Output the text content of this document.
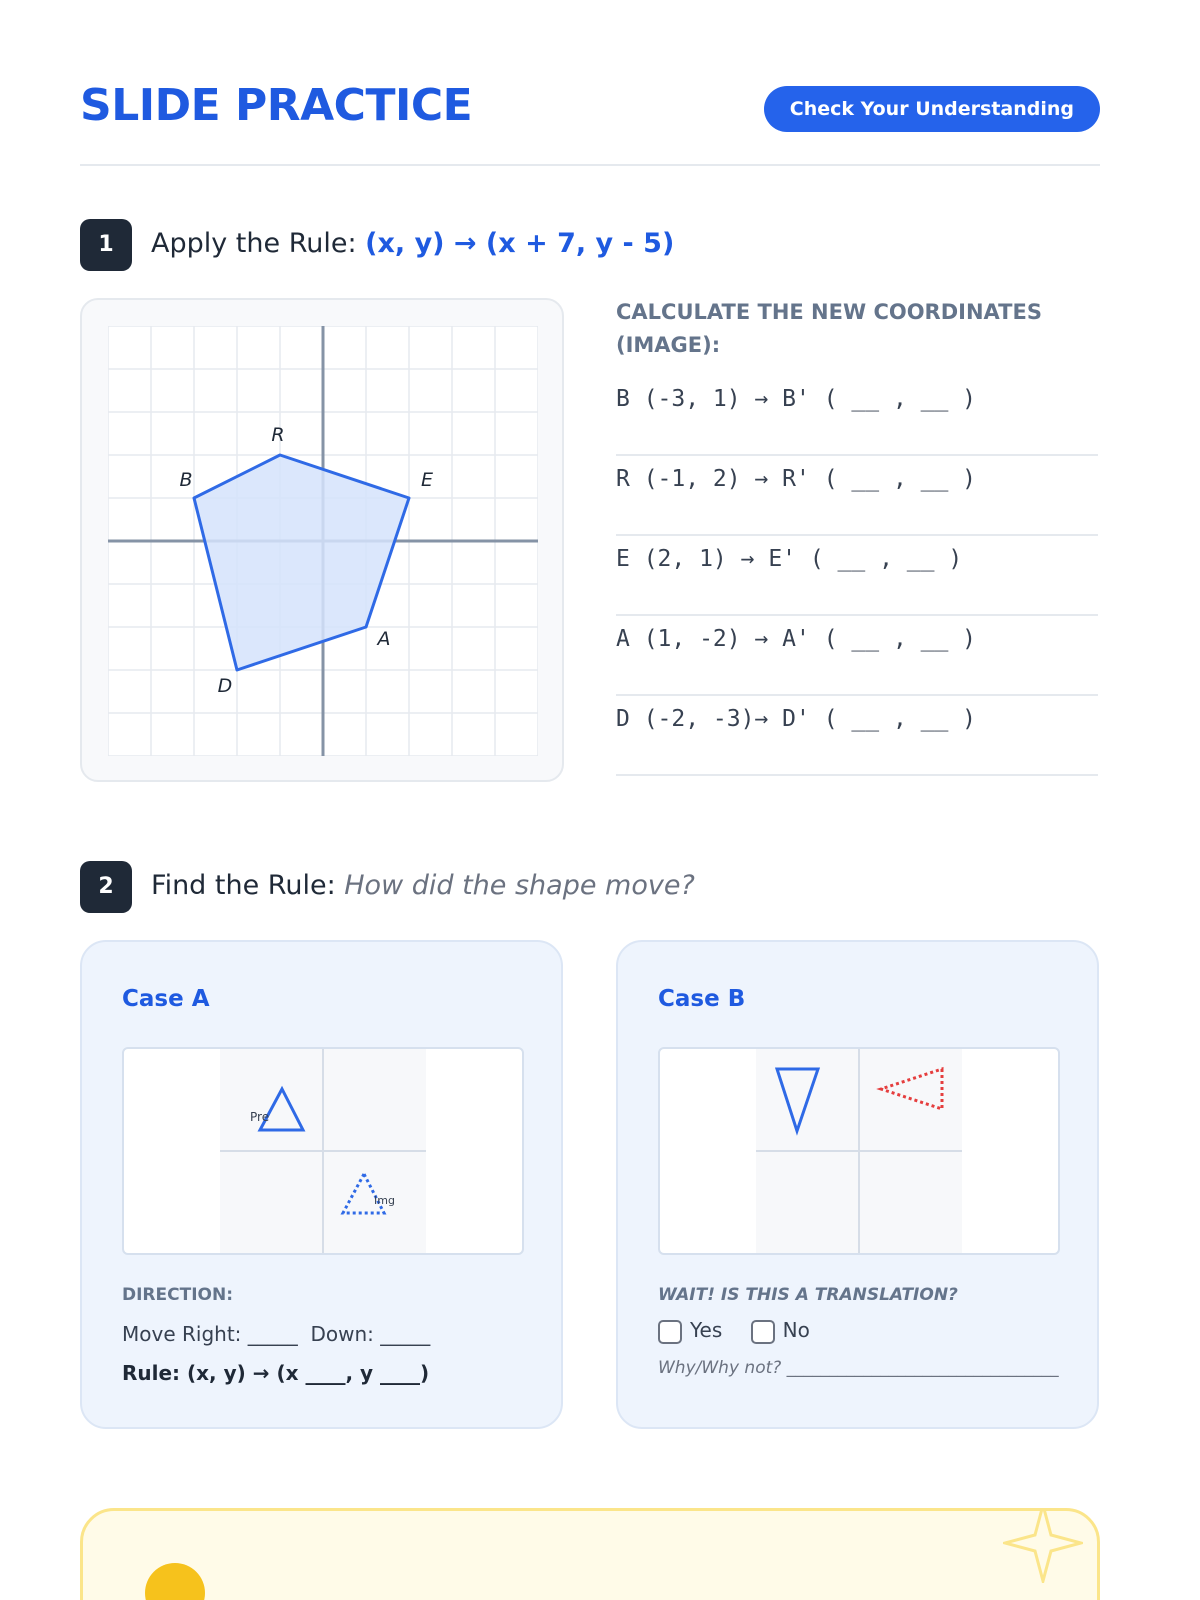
SLIDE PRACTICE	Check Your Understanding
1	Apply the Rule: (x, y) → (x + 7, y - 5)
B
R
E
A
D
CALCULATE THE NEW COORDINATES (IMAGE):
B (-3, 1) → B' ( __ , __ )
R (-1, 2) → R' ( __ , __ )
E (2, 1) → E' ( __ , __ )
A (1, -2) → A' ( __ , __ )
D (-2, -3)→ D' ( __ , __ )
2	Find the Rule: How did the shape move?
Case A
Pre
Img
DIRECTION:
Move Right: _____ Down: _____
Rule: (x, y) → (x ____, y ____)
Case B
WAIT! IS THIS A TRANSLATION?
Yes	No
Why/Why not? ________________________________
